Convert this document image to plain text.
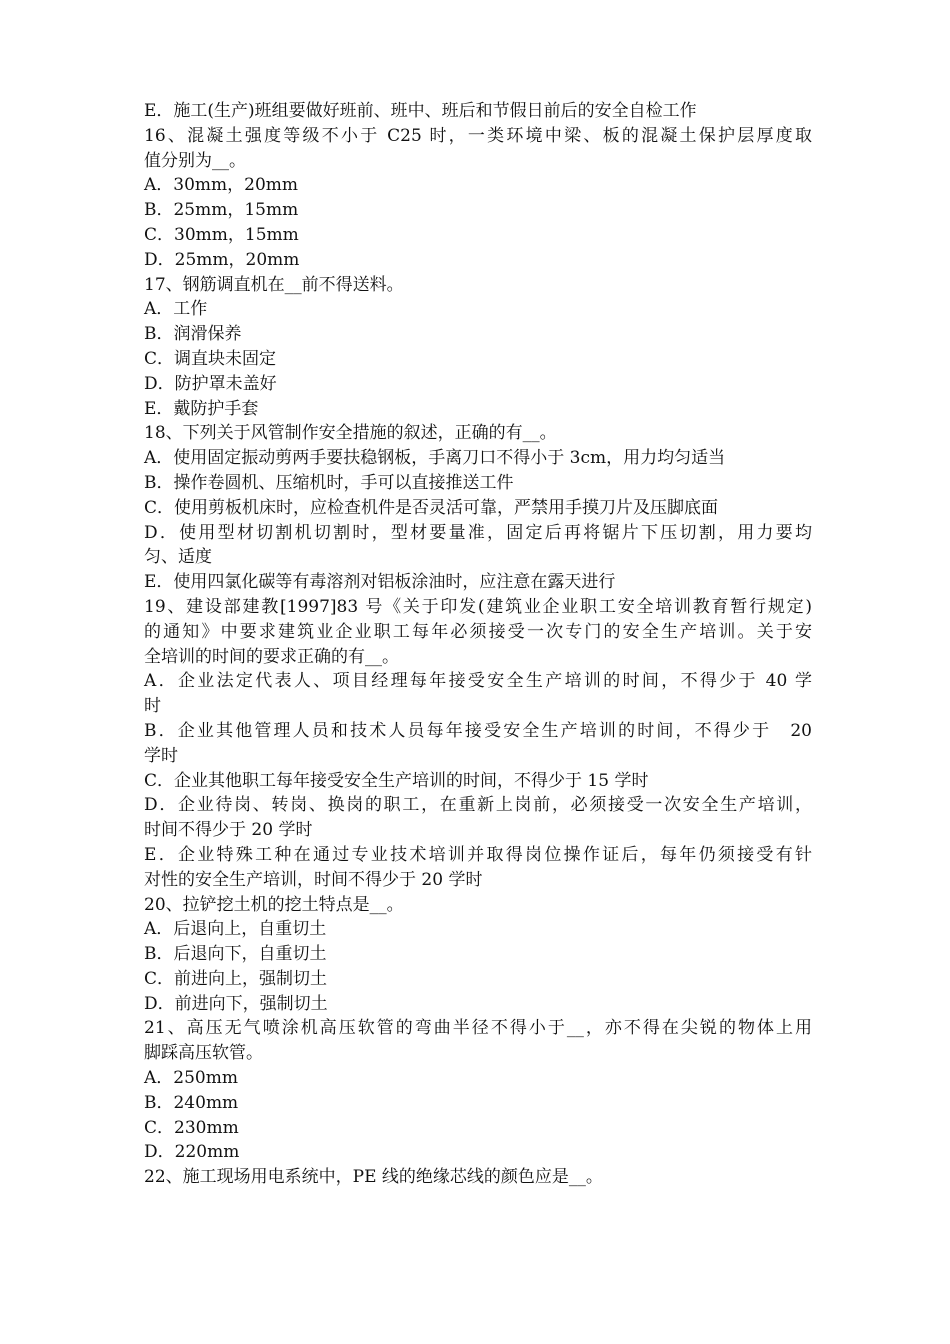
E．施工(生产)班组要做好班前、班中、班后和节假日前后的安全自检工作
16、混凝土强度等级不小于 C25 时，一类环境中梁、板的混凝土保护层厚度取
值分别为__。
A．30mm，20mm
B．25mm，15mm
C．30mm，15mm
D．25mm，20mm
17、钢筋调直机在__前不得送料。
A．工作
B．润滑保养
C．调直块未固定
D．防护罩未盖好
E．戴防护手套
18、下列关于风管制作安全措施的叙述，正确的有__。
A．使用固定振动剪两手要扶稳钢板，手离刀口不得小于 3cm，用力均匀适当
B．操作卷圆机、压缩机时，手可以直接推送工件
C．使用剪板机床时，应检查机件是否灵活可靠，严禁用手摸刀片及压脚底面
D．使用型材切割机切割时，型材要量准，固定后再将锯片下压切割，用力要均
匀、适度
E．使用四氯化碳等有毒溶剂对铝板涂油时，应注意在露天进行
19、建设部建教[1997]83 号《关于印发(建筑业企业职工安全培训教育暂行规定)
的通知》中要求建筑业企业职工每年必须接受一次专门的安全生产培训。关于安
全培训的时间的要求正确的有__。
A．企业法定代表人、项目经理每年接受安全生产培训的时间，不得少于 40 学
时
B．企业其他管理人员和技术人员每年接受安全生产培训的时间，不得少于　20
学时
C．企业其他职工每年接受安全生产培训的时间，不得少于 15 学时
D．企业待岗、转岗、换岗的职工，在重新上岗前，必须接受一次安全生产培训，
时间不得少于 20 学时
E．企业特殊工种在通过专业技术培训并取得岗位操作证后，每年仍须接受有针
对性的安全生产培训，时间不得少于 20 学时
20、拉铲挖土机的挖土特点是__。
A．后退向上，自重切土
B．后退向下，自重切土
C．前进向上，强制切土
D．前进向下，强制切土
21、高压无气喷涂机高压软管的弯曲半径不得小于__，亦不得在尖锐的物体上用
脚踩高压软管。
A．250mm
B．240mm
C．230mm
D．220mm
22、施工现场用电系统中，PE 线的绝缘芯线的颜色应是__。
